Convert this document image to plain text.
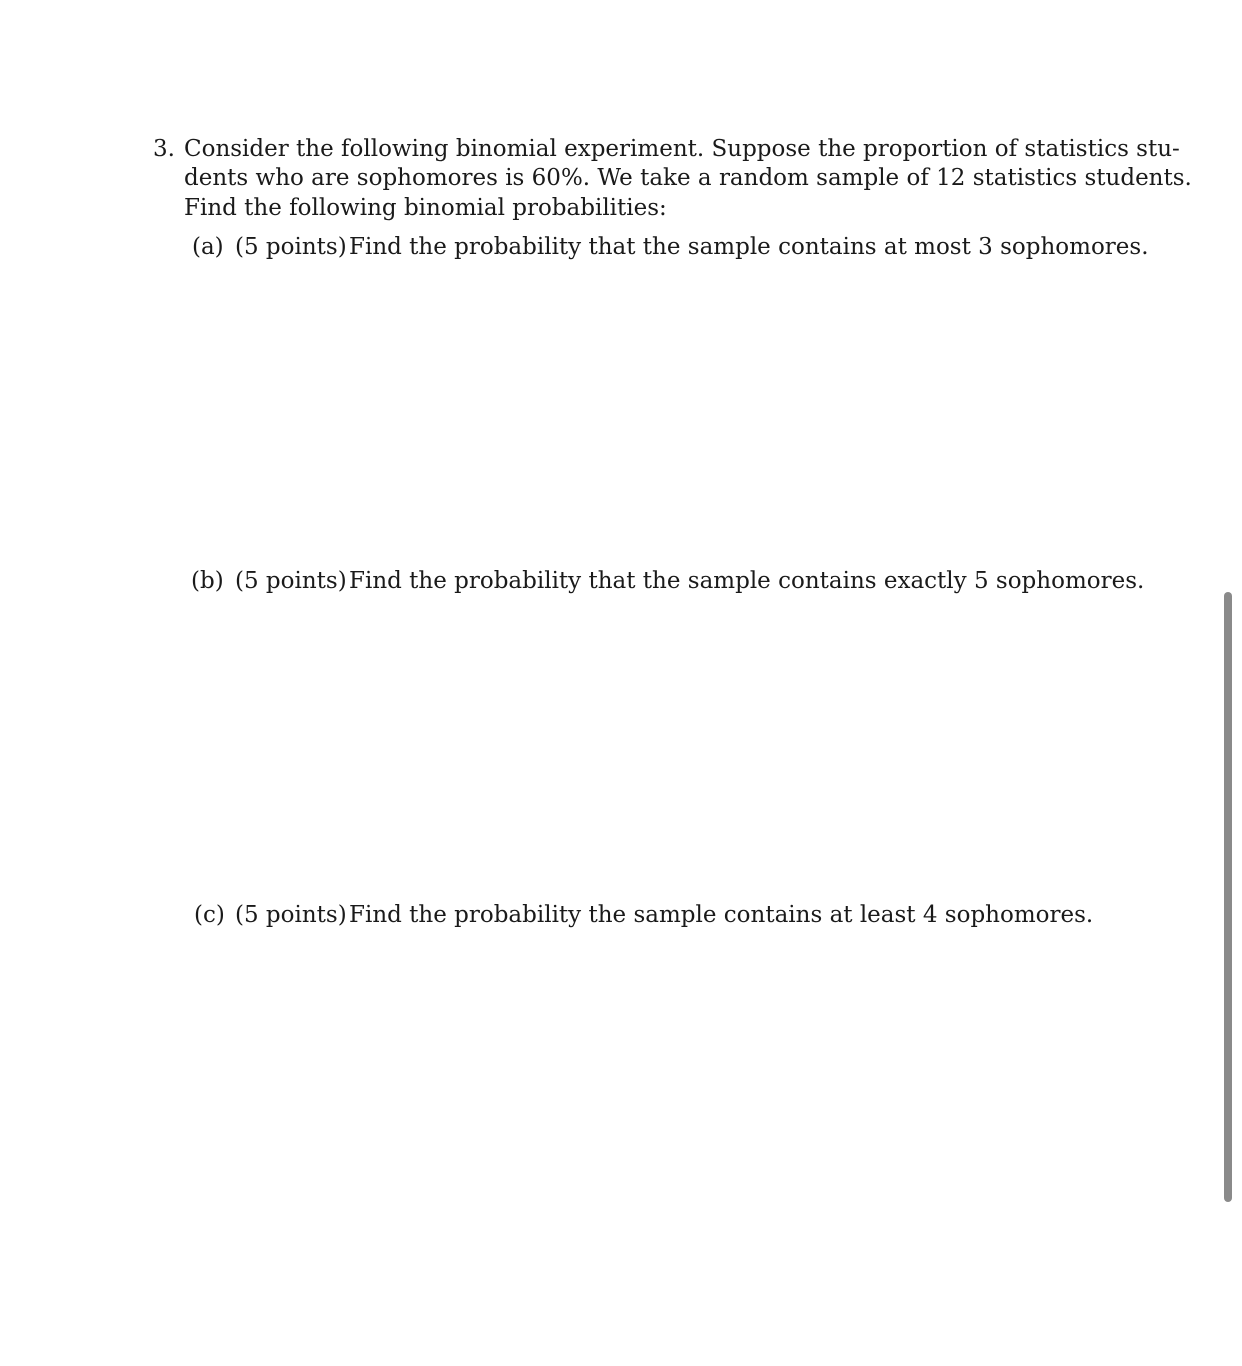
3. Consider the following binomial experiment. Suppose the proportion of statistics stu-
dents who are sophomores is 60%. We take a random sample of 12 statistics students.
Find the following binomial probabilities:
(a) (5 points) Find the probability that the sample contains at most 3 sophomores.
(b) (5 points) Find the probability that the sample contains exactly 5 sophomores.
(c) (5 points) Find the probability the sample contains at least 4 sophomores.
